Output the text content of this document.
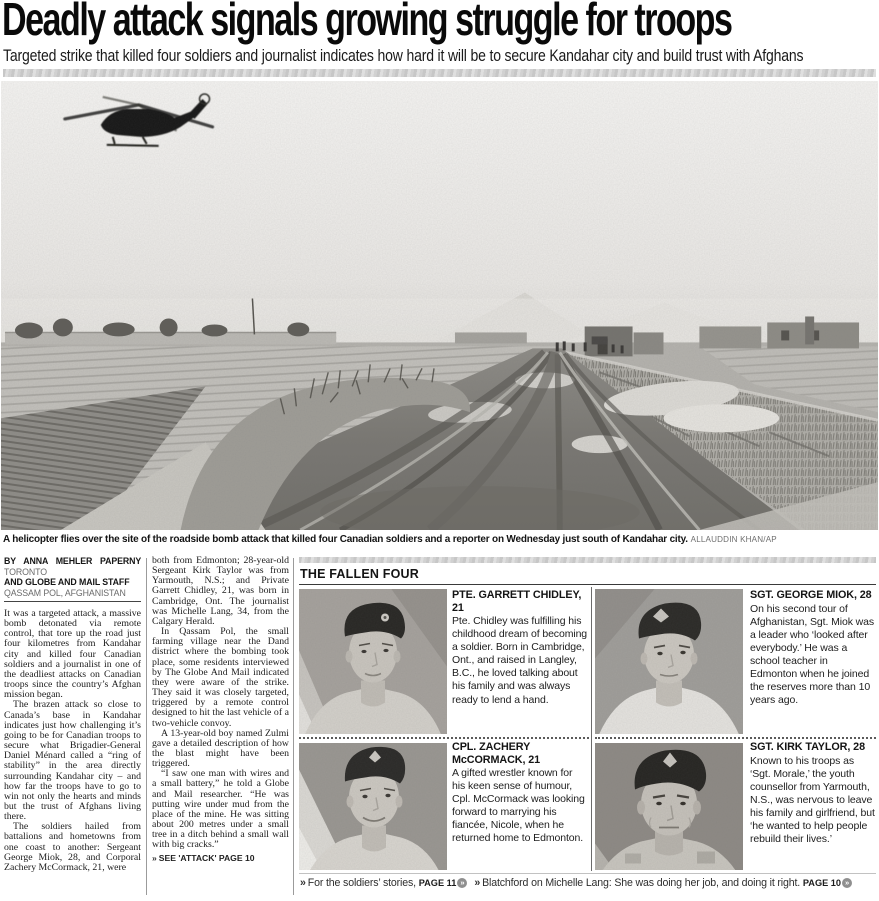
Deadly attack signals growing struggle for troops
Targeted strike that killed four soldiers and journalist indicates how hard it will be to secure Kandahar city and build trust with Afghans
A helicopter flies over the site of the roadside bomb attack that killed four Canadian soldiers and a reporter on Wednesday just south of Kandahar city. ALLAUDDIN KHAN/AP
BY ANNA MEHLER PAPERNY TORONTO
AND GLOBE AND MAIL STAFF
QASSAM POL, AFGHANISTAN

It was a targeted attack, a massive bomb detonated via remote control, that tore up the road just four kilometres from Kandahar city and killed four Canadian soldiers and a journalist in one of the deadliest attacks on Canadian troops since the country’s Afghan mission began.

The brazen attack so close to Canada’s base in Kandahar indicates just how challenging it’s going to be for Canadian troops to secure what Brigadier-General Daniel Ménard called a “ring of stability” in the area directly surrounding Kandahar city – and how far the troops have to go to win not only the hearts and minds but the trust of Afghans living there.

The soldiers hailed from battalions and hometowns from one coast to another: Sergeant George Miok, 28, and Corporal Zachery McCormack, 21, were

both from Edmonton; 28-year-old Sergeant Kirk Taylor was from Yarmouth, N.S.; and Private Garrett Chidley, 21, was born in Cambridge, Ont. The journalist was Michelle Lang, 34, from the Calgary Herald.

In Qassam Pol, the small farming village near the Dand district where the bombing took place, some residents interviewed by The Globe And Mail indicated they were aware of the strike. They said it was closely targeted, triggered by a remote control designed to hit the last vehicle of a two-vehicle convoy.

A 13-year-old boy named Zulmi gave a detailed description of how the blast might have been triggered.

“I saw one man with wires and a small battery,” he told a Globe and Mail researcher. “He was putting wire under mud from the place of the mine. He was sitting about 200 metres under a small tree in a ditch behind a small wall with big cracks.”

» SEE 'ATTACK' PAGE 10
THE FALLEN FOUR
PTE. GARRETT CHIDLEY, 21
Pte. Chidley was fulfilling his childhood dream of becoming a soldier. Born in Cambridge, Ont., and raised in Langley, B.C., he loved talking about his family and was always ready to lend a hand.
SGT. GEORGE MIOK, 28
On his second tour of Afghanistan, Sgt. Miok was a leader who ‘looked after everybody.’ He was a school teacher in Edmonton when he joined the reserves more than 10 years ago.
CPL. ZACHERY McCORMACK, 21
A gifted wrestler known for his keen sense of humour, Cpl. McCormack was looking forward to marrying his fiancée, Nicole, when he returned home to Edmonton.
SGT. KIRK TAYLOR, 28
Known to his troops as ‘Sgt. Morale,’ the youth counsellor from Yarmouth, N.S., was nervous to leave his family and girlfriend, but ‘he wanted to help people rebuild their lives.’
» For the soldiers’ stories, PAGE 11 » » Blatchford on Michelle Lang: She was doing her job, and doing it right. PAGE 10 »
